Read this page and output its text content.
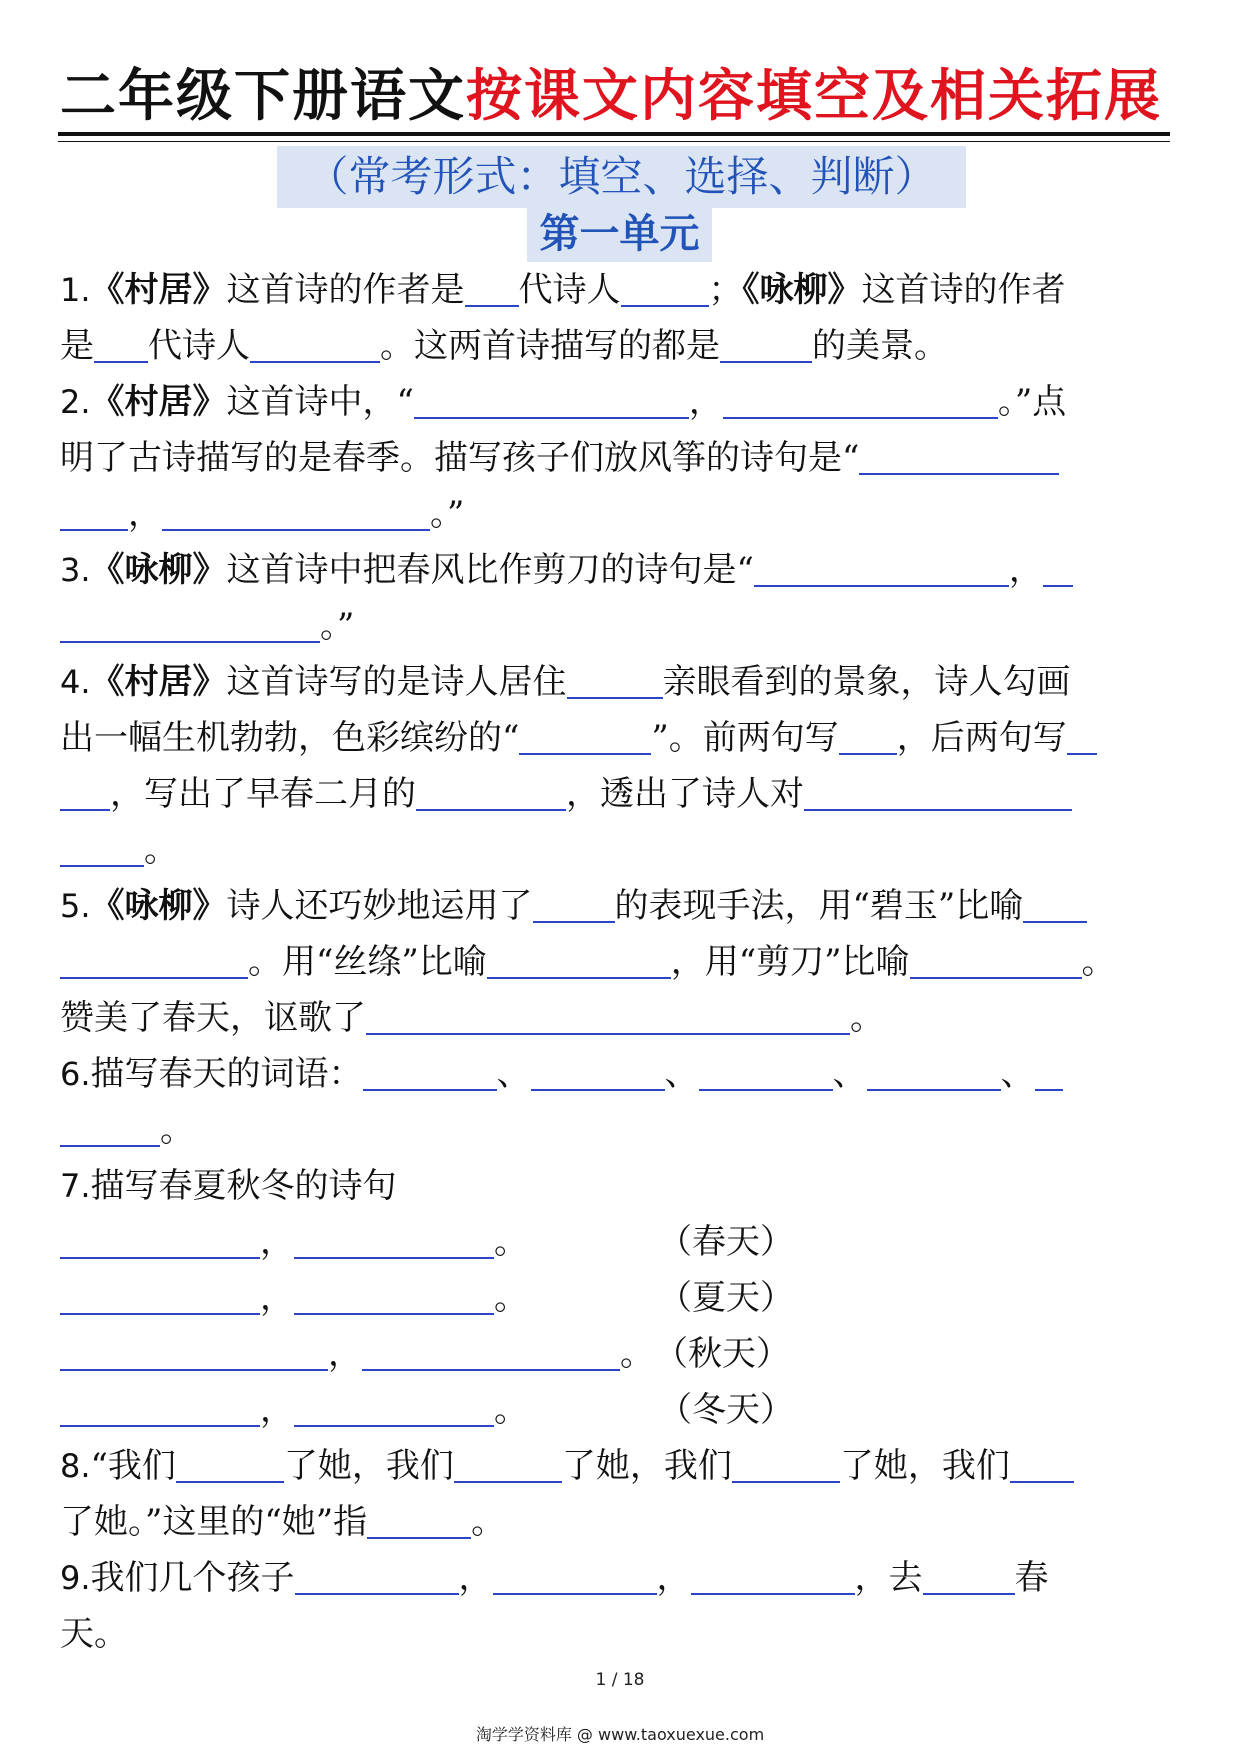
二年级下册语文按课文内容填空及相关拓展
（常考形式：填空、选择、判断）
第一单元
1.《村居》这首诗的作者是 代诗人	；《咏柳》这首诗的作者
是 代诗人	。这两首诗描写的都是	的美景。
2.《村居》这首诗中，“	，	。”点
明了古诗描写的是春季。描写孩子们放风筝的诗句是“
，	。”
3.《咏柳》这首诗中把春风比作剪刀的诗句是“	，
。”
4.《村居》这首诗写的是诗人居住	亲眼看到的景象，诗人勾画
出一幅生机勃勃，色彩缤纷的“	”。前两句写 ，后两句写
，写出了早春二月的	，透出了诗人对
。
5.《咏柳》诗人还巧妙地运用了 的表现手法，用“碧玉”比喻
。用“丝绦”比喻	，用“剪刀”比喻	。
赞美了春天，讴歌了	。
6.描写春天的词语：	、	、	、	、
。
7.描写春夏秋冬的诗句
，	。	（春天）
，	。	（夏天）
，	。（秋天）
，	。	（冬天）
8.“我们	了她，我们	了她，我们	了她，我们
了她。”这里的“她”指	。
9.我们几个孩子	，	，	，去	春
天。
1 / 18
淘学学资料库 @ www.taoxuexue.com
